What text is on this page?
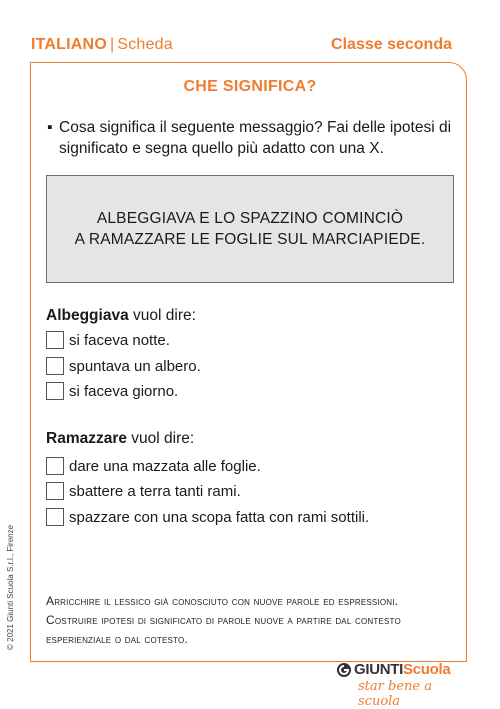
ITALIANO | Scheda	Classe seconda
CHE SIGNIFICA?
▪ Cosa significa il seguente messaggio? Fai delle ipotesi di significato e segna quello più adatto con una X.
ALBEGGIAVA E LO SPAZZINO COMINCIÒ
A RAMAZZARE LE FOGLIE SUL MARCIAPIEDE.
Albeggiava vuol dire:
si faceva notte.
spuntava un albero.
si faceva giorno.
Ramazzare vuol dire:
dare una mazzata alle foglie.
sbattere a terra tanti rami.
spazzare con una scopa fatta con rami sottili.
Arricchire il lessico già conosciuto con nuove parole ed espressioni. Costruire ipotesi di significato di parole nuove a partire dal contesto esperienziale o dal cotesto.
© 2021 Giunti Scuola S.r.l., Firenze
GIUNTIScuola
star bene a scuola
